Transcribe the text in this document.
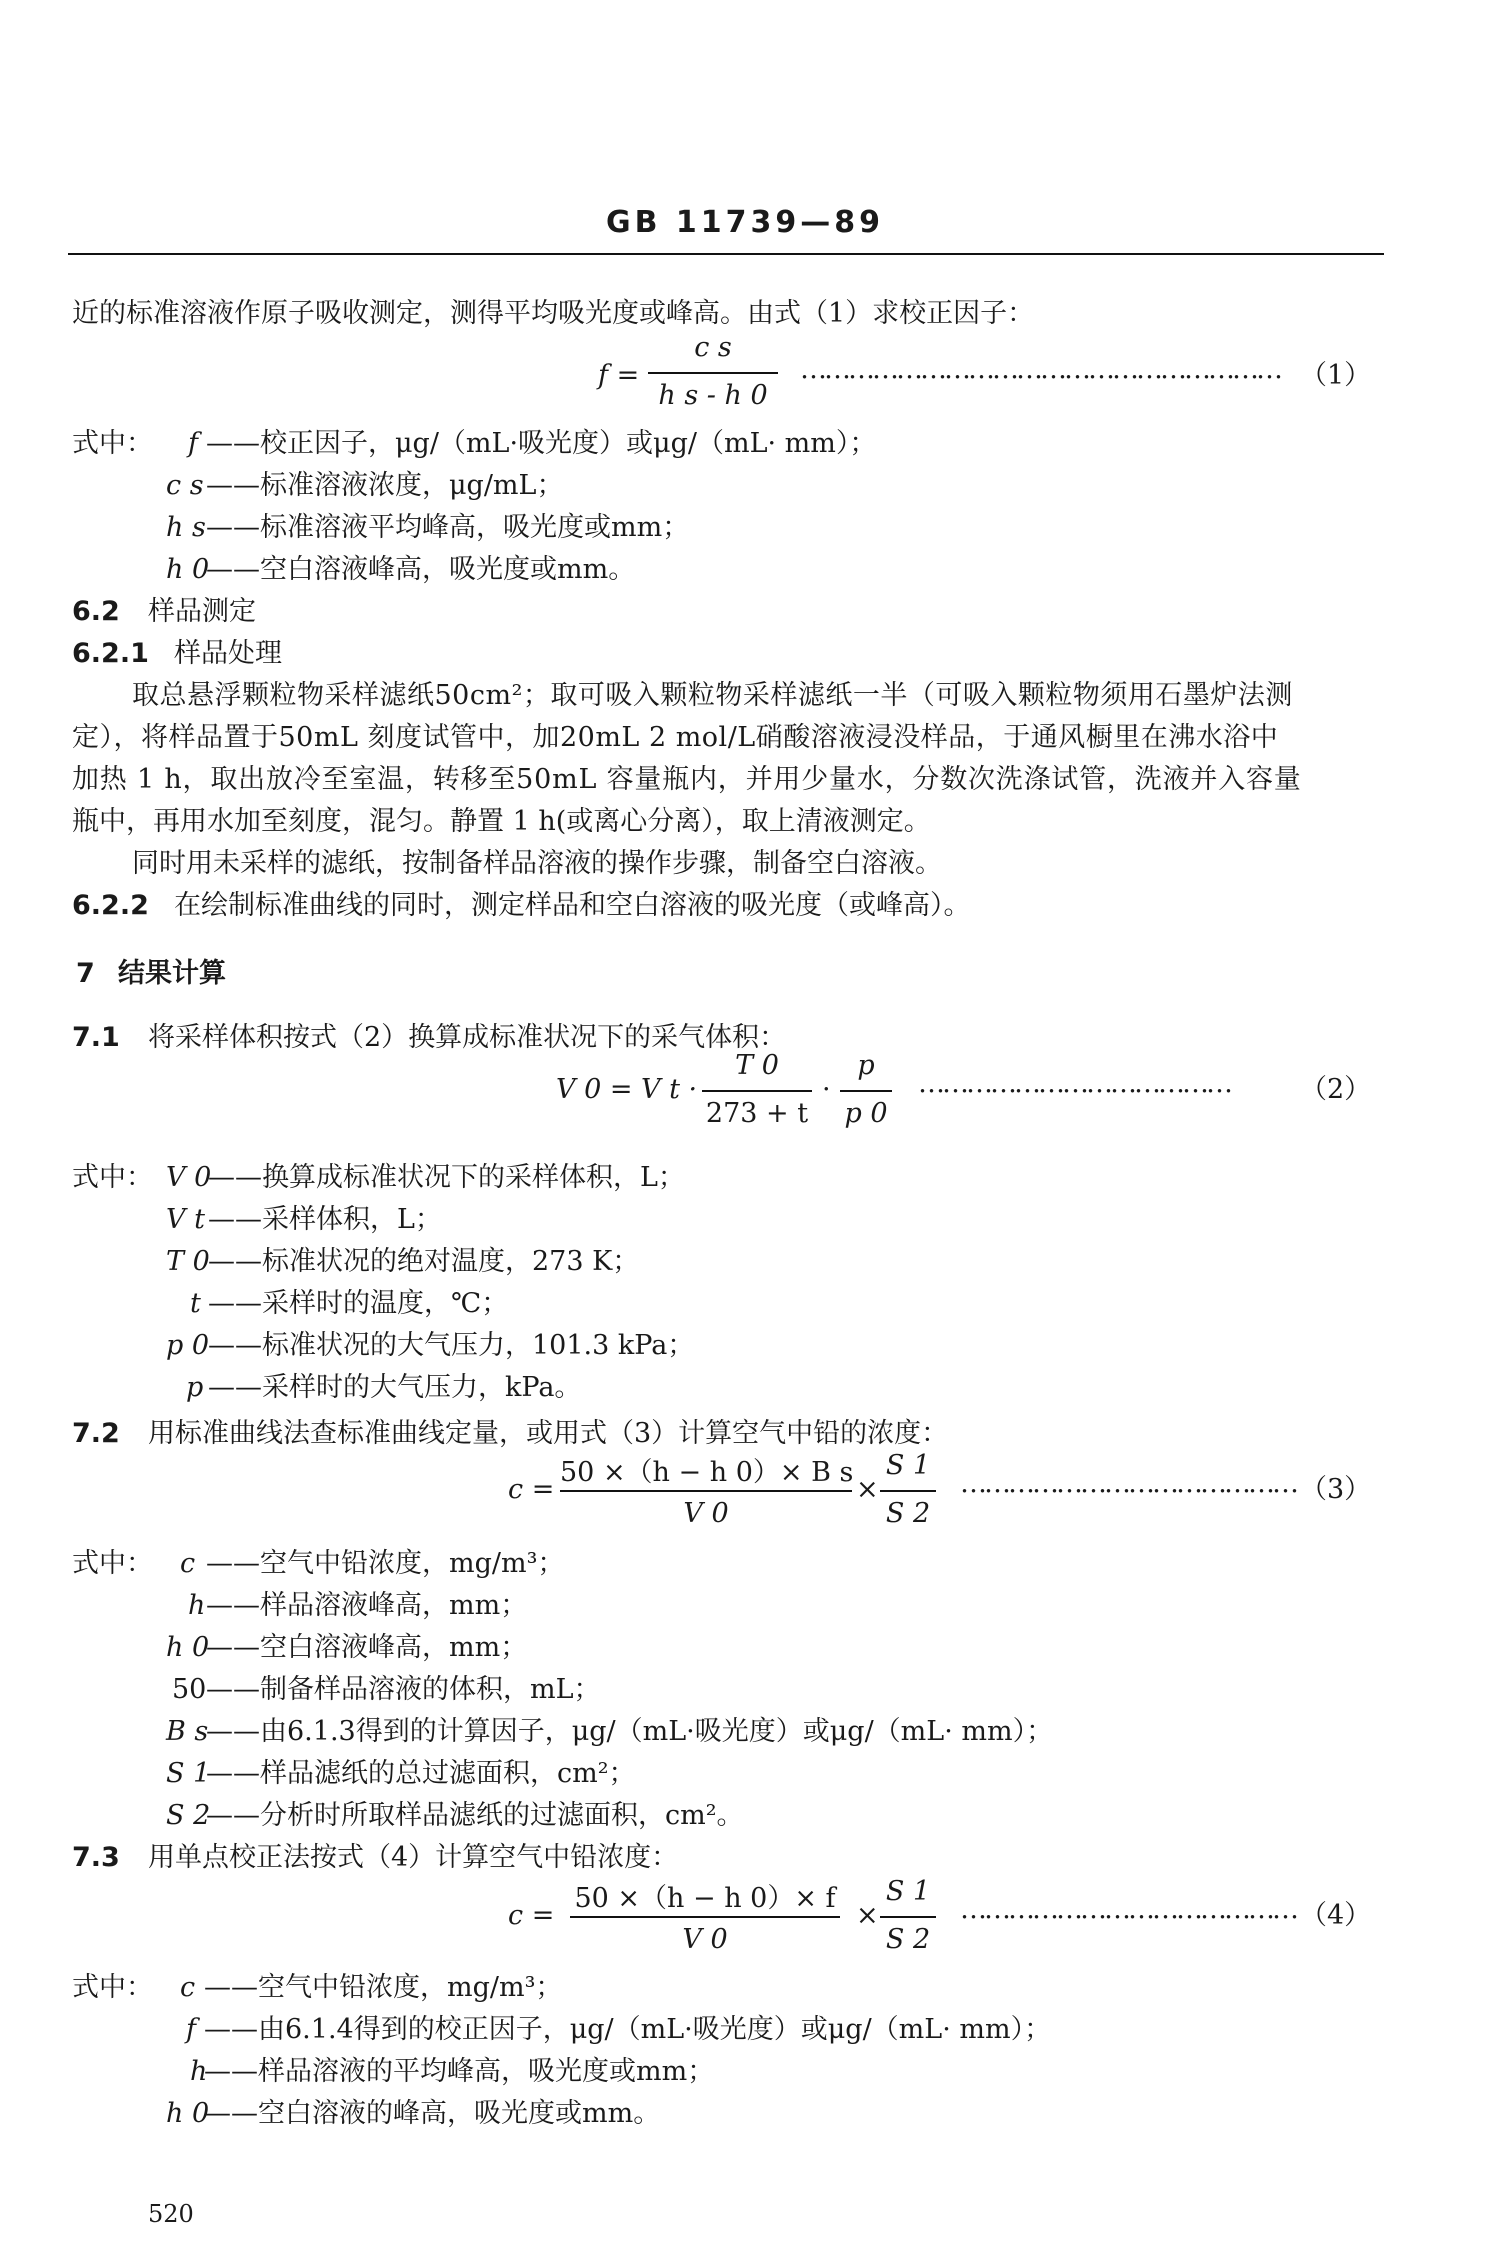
GB 11739—89
近的标准溶液作原子吸收测定，测得平均吸光度或峰高。由式（1）求校正因子：
f =
c s
h s - h 0
…………………………………………………… （1）
式中： f ——校正因子，μg/（mL·吸光度）或μg/（mL· mm）；
c s ——标准溶液浓度，μg/mL；
h s ——标准溶液平均峰高，吸光度或mm；
h 0
——空白溶液峰高，吸光度或mm。
6.2 样品测定
6.2.1 样品处理
取总悬浮颗粒物采样滤纸50cm²；取可吸入颗粒物采样滤纸一半（可吸入颗粒物须用石墨炉法测
定），将样品置于50mL 刻度试管中，加20mL 2 mol/L硝酸溶液浸没样品，于通风橱里在沸水浴中
加热 1 h，取出放冷至室温，转移至50mL 容量瓶内，并用少量水，分数次洗涤试管，洗液并入容量
瓶中，再用水加至刻度，混匀。静置 1 h(或离心分离），取上清液测定。
同时用未采样的滤纸，按制备样品溶液的操作步骤，制备空白溶液。
6.2.2 在绘制标准曲线的同时，测定样品和空白溶液的吸光度（或峰高）。
7 结果计算
7.1 将采样体积按式（2）换算成标准状况下的采气体积：
V 0 = V t ·
T 0
273 + t
·
p
p 0
…………………………………	（2）
式中： V 0
——换算成标准状况下的采样体积，L；
V t ——采样体积，L；
T 0
——标准状况的绝对温度，273 K；
t ——采样时的温度，℃；
p 0
——标准状况的大气压力，101.3 kPa；
p ——采样时的大气压力，kPa。
7.2 用标准曲线法查标准曲线定量，或用式（3）计算空气中铅的浓度：
c =
50 ×（h − h 0）× B s
V 0
×
S 1
S 2
…………………………………… （3）
式中： c ——空气中铅浓度，mg/m³；
h ——样品溶液峰高，mm；
h 0
——空白溶液峰高，mm；
50 ——制备样品溶液的体积，mL；
B s
——由6.1.3得到的计算因子，μg/（mL·吸光度）或μg/（mL· mm）；
S 1
——样品滤纸的总过滤面积，cm²；
S 2
——分析时所取样品滤纸的过滤面积，cm²。
7.3 用单点校正法按式（4）计算空气中铅浓度：
c =
50 ×（h − h 0）× f
V 0
×
S 1
S 2
…………………………………… （4）
式中： c ——空气中铅浓度，mg/m³；
f ——由6.1.4得到的校正因子，μg/（mL·吸光度）或μg/（mL· mm）；
h
——样品溶液的平均峰高，吸光度或mm；
h 0
——空白溶液的峰高，吸光度或mm。
520
